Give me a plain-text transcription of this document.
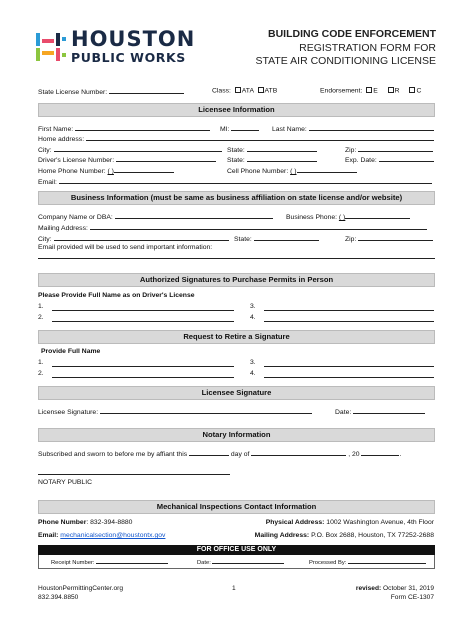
HOUSTON
PUBLIC WORKS
BUILDING CODE ENFORCEMENT
REGISTRATION FORM FOR
STATE AIR CONDITIONING LICENSE
State License Number:	Class: ATA ATB	Endorsement: E R C
Licensee Information
First Name:	MI:	Last Name:
Home address:
City:	State:	Zip:
Driver's License Number:	State:	Exp. Date:
Home Phone Number: ( )	Cell Phone Number: ( )
Email:
Business Information (must be same as business affiliation on state license and/or website)
Company Name or DBA:	Business Phone: ( )
Mailing Address:
City:	State:	Zip:
Email provided will be used to send important information:
Authorized Signatures to Purchase Permits in Person
Please Provide Full Name as on Driver's License
1.	3.
2.	4.
Request to Retire a Signature
Provide Full Name
1.	3.
2.	4.
Licensee Signature
Licensee Signature:	Date:
Notary Information
Subscribed and sworn to before me by affiant this	day of	, 20	.
NOTARY PUBLIC
Mechanical Inspections Contact Information
Phone Number: 832-394-8880	Physical Address: 1002 Washington Avenue, 4th Floor
Email: mechanicalsection@houstontx.gov	Mailing Address: P.O. Box 2688, Houston, TX 77252-2688
FOR OFFICE USE ONLY
Receipt Number:	Date:	Processed By:
HoustonPermittingCenter.org
832.394.8850
1	revised: October 31, 2019
Form CE-1307
